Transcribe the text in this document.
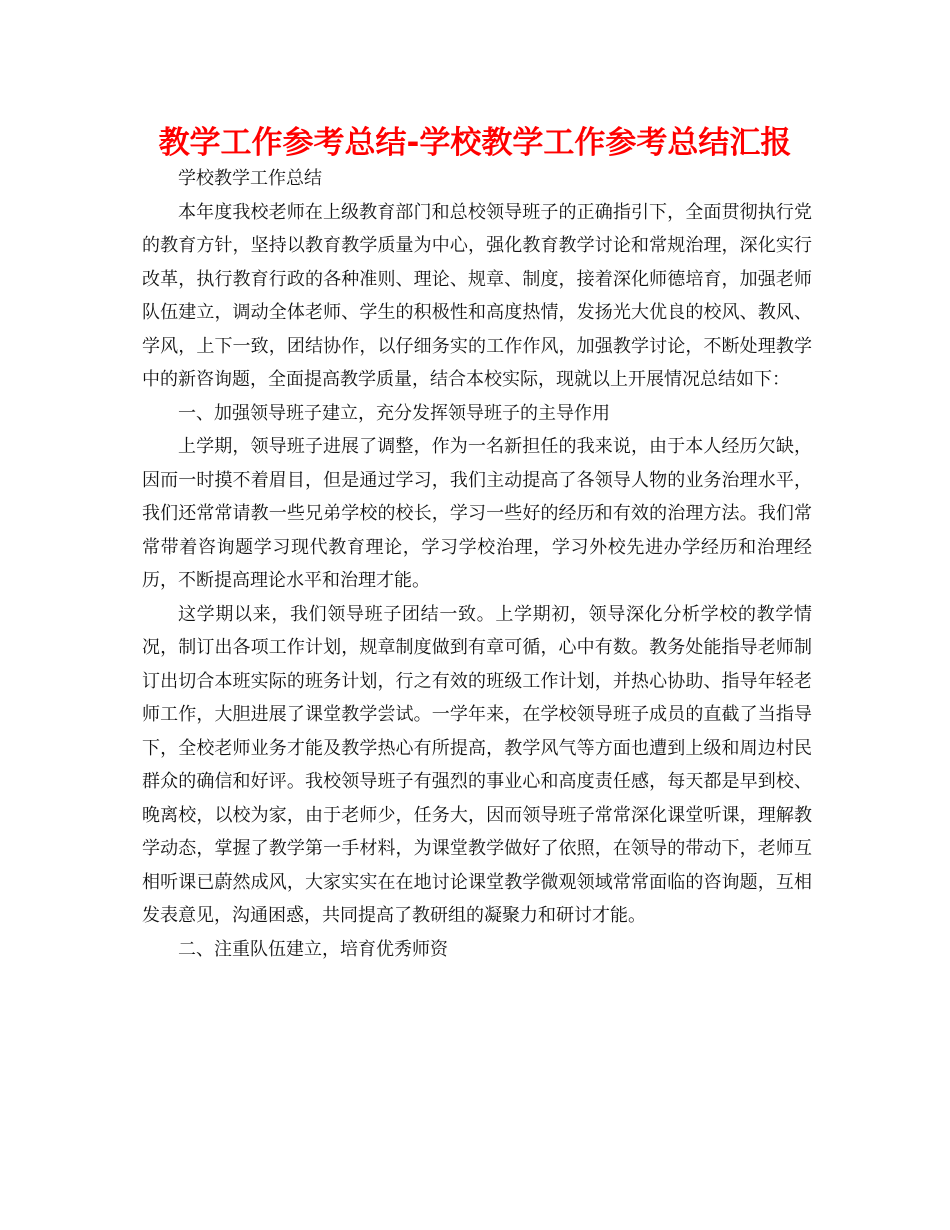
教学工作参考总结-学校教学工作参考总结汇报

学校教学工作总结

本年度我校老师在上级教育部门和总校领导班子的正确指引下，全面贯彻执行党的教育方针，坚持以教育教学质量为中心，强化教育教学讨论和常规治理，深化实行改革，执行教育行政的各种准则、理论、规章、制度，接着深化师德培育，加强老师队伍建立，调动全体老师、学生的积极性和高度热情，发扬光大优良的校风、教风、学风，上下一致，团结协作，以仔细务实的工作作风，加强教学讨论，不断处理教学中的新咨询题，全面提高教学质量，结合本校实际，现就以上开展情况总结如下：

一、加强领导班子建立，充分发挥领导班子的主导作用

上学期，领导班子进展了调整，作为一名新担任的我来说，由于本人经历欠缺，因而一时摸不着眉目，但是通过学习，我们主动提高了各领导人物的业务治理水平，我们还常常请教一些兄弟学校的校长，学习一些好的经历和有效的治理方法。我们常常带着咨询题学习现代教育理论，学习学校治理，学习外校先进办学经历和治理经历，不断提高理论水平和治理才能。

这学期以来，我们领导班子团结一致。上学期初，领导深化分析学校的教学情况，制订出各项工作计划，规章制度做到有章可循，心中有数。教务处能指导老师制订出切合本班实际的班务计划，行之有效的班级工作计划，并热心协助、指导年轻老师工作，大胆进展了课堂教学尝试。一学年来，在学校领导班子成员的直截了当指导下，全校老师业务才能及教学热心有所提高，教学风气等方面也遭到上级和周边村民群众的确信和好评。我校领导班子有强烈的事业心和高度责任感，每天都是早到校、晚离校，以校为家，由于老师少，任务大，因而领导班子常常深化课堂听课，理解教学动态，掌握了教学第一手材料，为课堂教学做好了依照，在领导的带动下，老师互相听课已蔚然成风，大家实实在在地讨论课堂教学微观领域常常面临的咨询题，互相发表意见，沟通困惑，共同提高了教研组的凝聚力和研讨才能。

二、注重队伍建立，培育优秀师资
